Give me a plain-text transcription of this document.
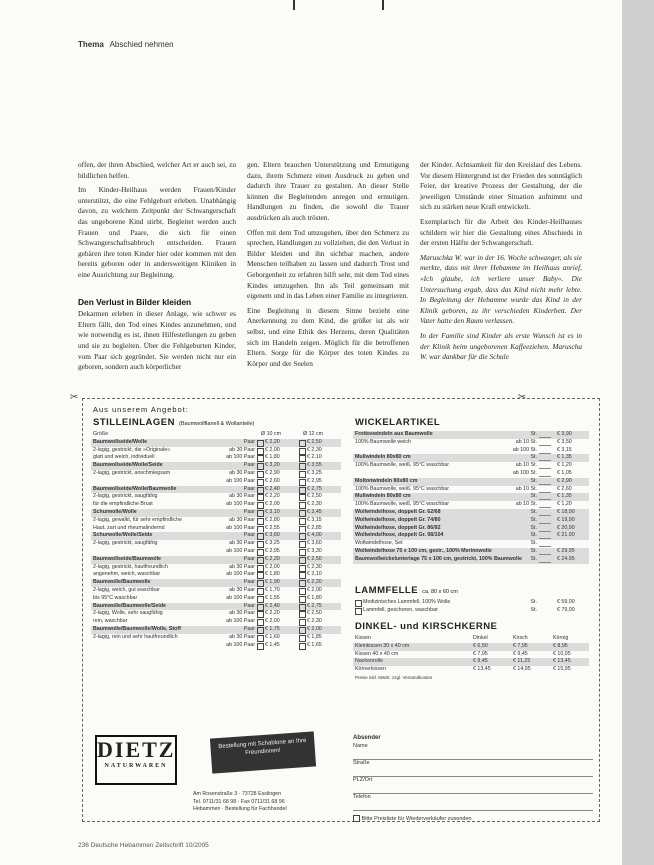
Thema Abschied nehmen

offen, der ihren Abschied, welcher Art er auch sei, zu bildlichen helfen.

Im Kinder-Heilhaus werden Frauen/Kinder unterstützt, die eine Fehlgeburt erleben. Unabhängig davon, zu welchem Zeitpunkt der Schwangerschaft das ungeborene Kind stirbt. Begleitet werden auch Frauen und Paare, die sich für einen Schwangerschaftsabbruch entscheiden. Frauen gebären ihre toten Kinder hier oder kommen mit den bereits geboren oder in andersweitigen Kliniken in eine Ausrichtung zur Begleitung.

Den Verlust in Bilder kleiden

Dekarmen erleben in dieser Anlage, wie schwer es Eltern fällt, den Tod eines Kindes anzunehmen, und wie notwendig es ist, ihnen Hilfestellungen zu geben und sie zu begleiten. Über die Fehlgeburten Kinder, vom Paar sich gegründet. Sie werden nicht nur ein geboren, sondern auch körperlicher

gen. Eltern brauchen Unterstützung und Ermutigung dazu, ihrem Schmerz einen Ausdruck zu geben und dadurch ihre Trauer zu gestalten. An dieser Stelle können die Begleitenden anregen und ermutigen. Handlungen zu finden, die sowohl die Trauer ausdrücken als auch trösten.

Offen mit dem Tod umzugehen, über den Schmerz zu sprechen, Handlungen zu vollziehen, die den Verlust in Bilder kleiden und ihn sichtbar machen, andere Menschen teilhaben zu lassen und dadurch Trost und Geborgenheit zu erfahren hilft sehr, mit dem Tod eines Kindes umzugehen. Ihn als Teil gemeinsam mit eigenem und in das Leben einer Familie zu integrieren.

Eine Begleitung in diesem Sinne bezieht eine Anerkennung zu dem Kind, die größer ist als wir selbst, und eine Ethik des Herzens, deren Qualitäten sich im Handeln zeigen. Möglich für die betroffenen Eltern. Sorge für die Körper des toten Kindes zu Körper und der Seelen

der Kinder. Achtsamkeit für den Kreislauf des Lebens. Vor diesem Hintergrund ist der Frieden des sonntäglich Feier, der kreative Prozess der Gestaltung, der die jeweiligen Umstände einer Situation aufnimmt und sich zu stärken neue Kraft entwickelt.

Exemplarisch für die Arbeit des Kinder-Heilhauses schildern wir hier die Gestaltung eines Abschieds in der ersten Hälfte der Schwangerschaft.

Maruschka W. war in der 16. Woche schwanger, als sie merkte, dass mit ihrer Hebamme im Heilhaus anrief, »Ich glaube, ich verliere unser Baby«. Die Untersuchung ergab, dass das Kind nicht mehr lebte. In Begleitung der Hebamme wurde das Kind in der Klinik geboren, zu ihr verschieden Kinderbett. Der Vater hatte den Raum verlassen.

In der Familie sind Kinder als erste Wunsch ist es in der Klinik beim ungeborenen Kaffeeziehen. Maruscha W. war dankbar für die Schule

✂	✂
Aus unserem Angebot:
STILLEINLAGEN (Baumwollflanell & Wollanteile)
Größe	Ø 10 cm	Ø 12 cm
Baumwollseide/Wolle	Paar € 2,20	€ 2,50
2-lagig, gestrickt, die »Originale«	ab 30 Paar € 2,00	€ 2,30
glatt und weich, individuell	ab 100 Paar € 1,80	€ 2,10
Baumwollseide/Wolle/Seide	Paar € 3,20	€ 3,55
2-lagig, gestrickt, anschmiegsam	ab 30 Paar € 2,90	€ 3,25
ab 100 Paar € 2,60	€ 2,95
Baumwollseide/Wolle/Baumwolle	Paar € 2,40	€ 2,75
2-lagig, gestrickt, saugfähig	ab 30 Paar € 2,20	€ 2,50
für die empfindliche Brust	ab 100 Paar € 2,00	€ 2,30
Schurwolle/Wolle	Paar € 3,10	€ 3,45
2-lagig, gewalkt, für sehr empfindliche	ab 30 Paar € 2,80	€ 3,15
Haut, zart und rheumalindernd	ab 100 Paar € 2,55	€ 2,85
Schurwolle/Wolle/Seide	Paar € 3,60	€ 4,00
2-lagig, gestrickt, saugfähig	ab 30 Paar € 3,25	€ 3,60
ab 100 Paar € 2,95	€ 3,30
Baumwollseide/Baumwolle	Paar € 2,20	€ 2,50
2-lagig, gestrickt, hautfreundlich	ab 30 Paar € 2,00	€ 2,30
angenehm, weich, waschbar	ab 100 Paar € 1,80	€ 2,10
Baumwolle/Baumwolle	Paar € 1,90	€ 2,20
2-lagig, weich, gut waschbar	ab 30 Paar € 1,70	€ 2,00
bis 95°C waschbar	ab 100 Paar € 1,55	€ 1,80
Baumwolle/Baumwolle/Seide	Paar € 2,40	€ 2,75
2-lagig, Wolle, sehr saugfähig	ab 30 Paar € 2,20	€ 2,50
rein, waschbar	ab 100 Paar € 2,00	€ 2,30
Baumwolle/Baumwolle/Wolle, Stoff	Paar € 1,75	€ 2,00
2-lagig, rein und sehr hautfreundlich	ab 30 Paar € 1,60	€ 1,85
ab 100 Paar € 1,45	€ 1,65
WICKELARTIKEL
Frotteewindeln aus Baumwolle	St.	€ 3,90
100% Baumwolle weich	ab 10 St.	€ 3,50
ab 100 St.	€ 3,15
Mullwindeln 80x80 cm	St.	€ 1,35
100% Baumwolle, weiß, 95°C waschbar	ab 10 St.	€ 1,20
ab 100 St.	€ 1,05
Moltonwindeln 80x80 cm	St.	€ 2,90
100% Baumwolle, weiß, 95°C waschbar	ab 10 St.	€ 2,60
Mullwindeln 80x80 cm	St.	€ 1,35
100% Baumwolle, weiß, 95°C waschbar	ab 10 St.	€ 1,20
Wollwindelhose, doppelt Gr. 62/68	St.	€ 18,90
Wollwindelhose, doppelt Gr. 74/80	St.	€ 19,90
Wollwindelhose, doppelt Gr. 86/92	St.	€ 20,90
Wollwindelhose, doppelt Gr. 98/104	St.	€ 21,90
Wollwindelhose, Set	St.
Wollwindelhose 75 x 100 cm, gestr., 100% Merinowolle	St.	€ 29,95
Baumwollwickelunterlage 75 x 100 cm, gestrickt, 100% Baumwolle St.	€ 24,95
LAMMFELLE ca. 80 x 60 cm
Medizinisches Lammfell, 100% Wolle	St.	€ 59,00
Lammfell, geschoren, waschbar	St.	€ 79,00
DINKEL- und KIRSCHKERNE
Kissen	Dinkel	Kirsch	Körnig
Kleinkissen 30 x 40 cm	€ 6,50	€ 7,95	€ 8,95
Kissen 40 x 40 cm	€ 7,95	€ 9,45	€ 10,95
Nackenrolle	€ 9,45	€ 11,25	€ 13,45
Körnerkissen	€ 13,45	€ 14,95	€ 15,95
Preise inkl. MwSt. zzgl. Versandkosten
DIETZ
NATURWAREN
Bestellung mit Schablone an Ihre Freundinnen!
Am Rosenstraße 3 · 73728 Esslingen
Tel. 0711/31 68 98 · Fax 0711/31 68 96
Hebammen · Bestellung für Fachhandel
Absender
Name
Straße
PLZ/Ort
Telefon
Bitte Preisliste für Wiederverkäufer zusenden
236 Deutsche Hebammen Zeitschrift 10/2005
